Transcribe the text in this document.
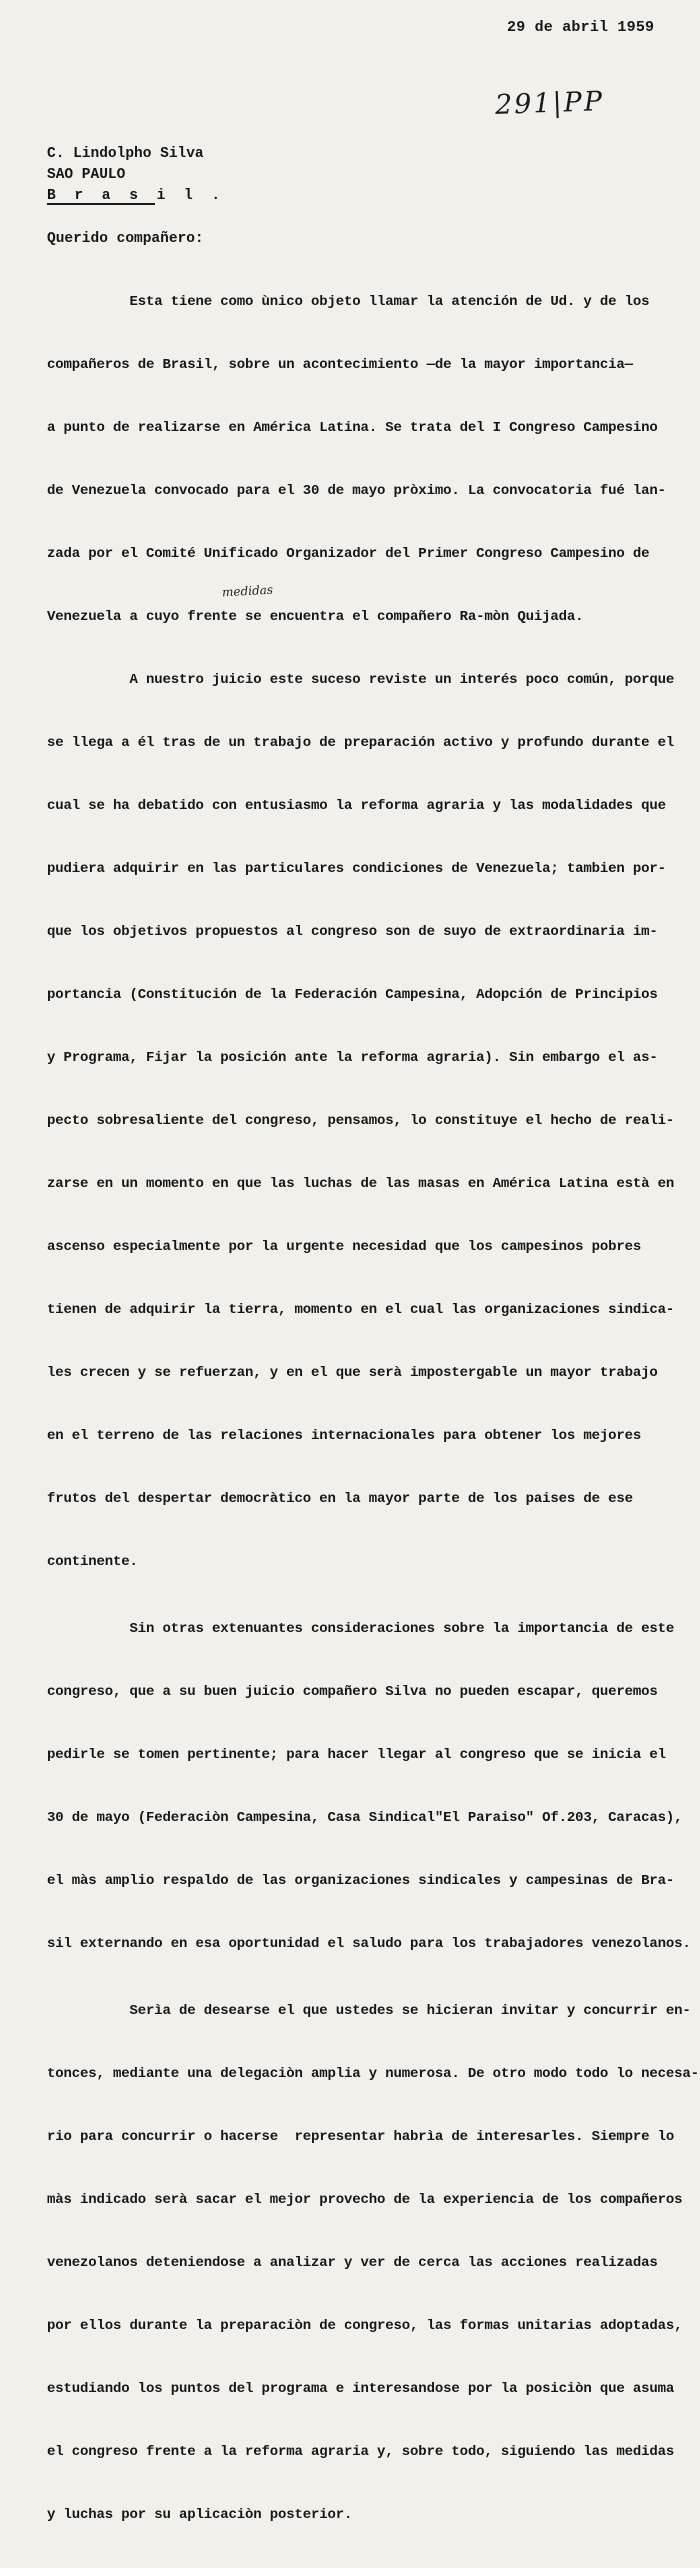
29 de abril 1959
291|PP
C. Lindolpho Silva
SAO PAULO
B r a s i l .
Querido compañero:

Esta tiene como ùnico objeto llamar la atención de Ud. y de los

compañeros de Brasil, sobre un acontecimiento —de la mayor importancia—

a punto de realizarse en América Latina. Se trata del I Congreso Campesino

de Venezuela convocado para el 30 de mayo pròximo. La convocatoria fué lan-

zada por el Comité Unificado Organizador del Primer Congreso Campesino de

Venezuela a cuyo frente se encuentra el compañero Ra-mòn Quijada.

A nuestro juicio este suceso reviste un interés poco común, porque

se llega a él tras de un trabajo de preparación activo y profundo durante el

cual se ha debatido con entusiasmo la reforma agraria y las modalidades que

pudiera adquirir en las particulares condiciones de Venezuela; tambien por-

que los objetivos propuestos al congreso son de suyo de extraordinaria im-

portancia (Constitución de la Federación Campesina, Adopción de Principios

y Programa, Fijar la posición ante la reforma agraria). Sin embargo el as-

pecto sobresaliente del congreso, pensamos, lo constituye el hecho de reali-

zarse en un momento en que las luchas de las masas en América Latina està en

ascenso especialmente por la urgente necesidad que los campesinos pobres

tienen de adquirir la tierra, momento en el cual las organizaciones sindica-

les crecen y se refuerzan, y en el que serà impostergable un mayor trabajo

en el terreno de las relaciones internacionales para obtener los mejores

frutos del despertar democràtico en la mayor parte de los paises de ese

continente.

Sin otras extenuantes consideraciones sobre la importancia de este

congreso, que a su buen juicio compañero Silva no pueden escapar, queremos

pedirle se tomen pertinente; para hacer llegar al congreso que se inicia el

30 de mayo (Federaciòn Campesina, Casa Sindical"El Paraiso" Of.203, Caracas),

el màs amplio respaldo de las organizaciones sindicales y campesinas de Bra-

sil externando en esa oportunidad el saludo para los trabajadores venezolanos.

Serìa de desearse el que ustedes se hicieran invitar y concurrir en-

tonces, mediante una delegaciòn amplia y numerosa. De otro modo todo lo necesa-

rio para concurrir o hacerse  representar habrìa de interesarles. Siempre lo

màs indicado serà sacar el mejor provecho de la experiencia de los compañeros

venezolanos deteniendose a analizar y ver de cerca las acciones realizadas

por ellos durante la preparaciòn de congreso, las formas unitarias adoptadas,

estudiando los puntos del programa e interesandose por la posiciòn que asuma

el congreso frente a la reforma agraria y, sobre todo, siguiendo las medidas

y luchas por su aplicaciòn posterior.

medidas
